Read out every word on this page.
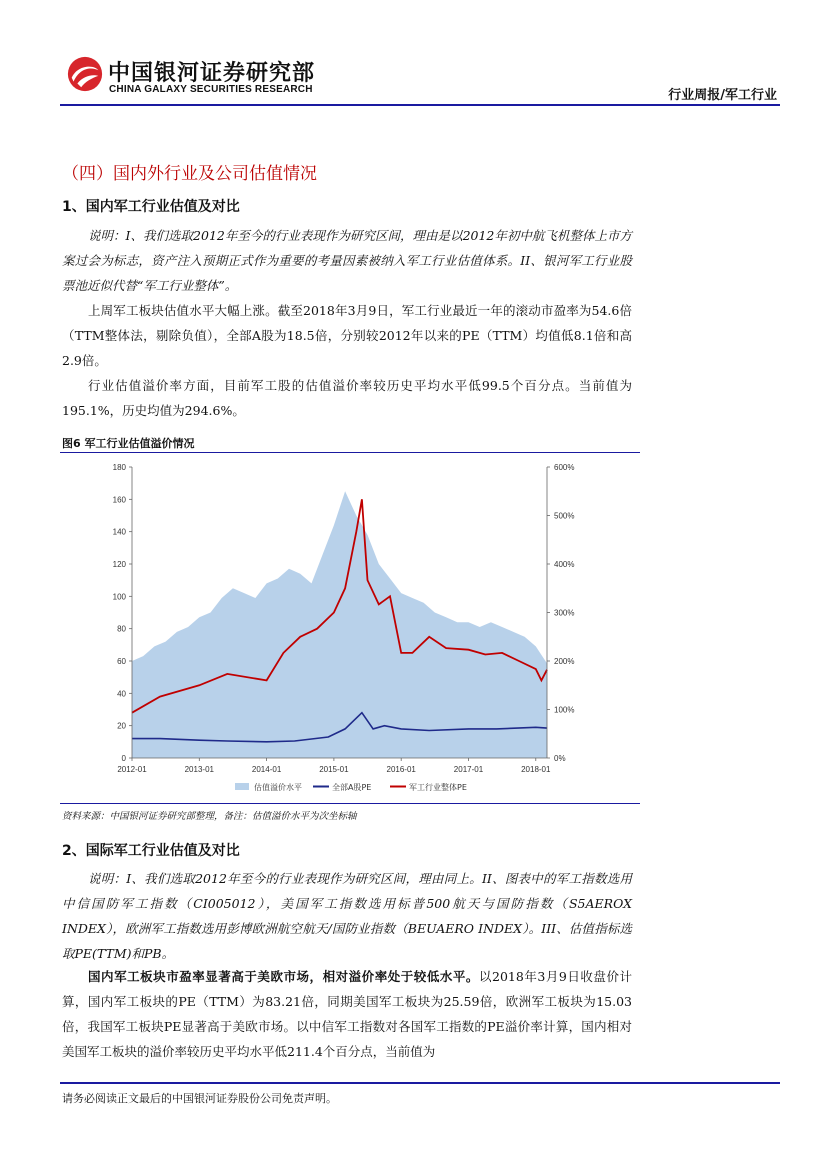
中国银河证券研究部
CHINA GALAXY SECURITIES RESEARCH	行业周报/军工行业
（四）国内外行业及公司估值情况
1、国内军工行业估值及对比
说明：I、我们选取2012年至今的行业表现作为研究区间，理由是以2012年初中航飞机整体上市方案过会为标志，资产注入预期正式作为重要的考量因素被纳入军工行业估值体系。II、银河军工行业股票池近似代替“军工行业整体”。
上周军工板块估值水平大幅上涨。截至2018年3月9日，军工行业最近一年的滚动市盈率为54.6倍（TTM整体法，剔除负值），全部A股为18.5倍，分别较2012年以来的PE（TTM）均值低8.1倍和高2.9倍。
行业估值溢价率方面，目前军工股的估值溢价率较历史平均水平低99.5个百分点。当前值为195.1%，历史均值为294.6%。
图6 军工行业估值溢价情况
0
20
40
60
80
100
120
140
160
180
0%
100%
200%
300%
400%
500%
600%
2012-01	2013-01	2014-01	2015-01	2016-01	2017-01	2018-01
估值溢价水平	全部A股PE	军工行业整体PE
资料来源：中国银河证券研究部整理，备注：估值溢价水平为次坐标轴
2、国际军工行业估值及对比
说明：I、我们选取2012年至今的行业表现作为研究区间，理由同上。II、图表中的军工指数选用中信国防军工指数（CI005012），美国军工指数选用标普500航天与国防指数（S5AEROX INDEX），欧洲军工指数选用彭博欧洲航空航天/国防业指数（BEUAERO INDEX）。III、估值指标选取PE(TTM)和PB。
国内军工板块市盈率显著高于美欧市场，相对溢价率处于较低水平。以2018年3月9日收盘价计算，国内军工板块的PE（TTM）为83.21倍，同期美国军工板块为25.59倍，欧洲军工板块为15.03倍，我国军工板块PE显著高于美欧市场。以中信军工指数对各国军工指数的PE溢价率计算，国内相对美国军工板块的溢价率较历史平均水平低211.4个百分点，当前值为
请务必阅读正文最后的中国银河证券股份公司免责声明。
